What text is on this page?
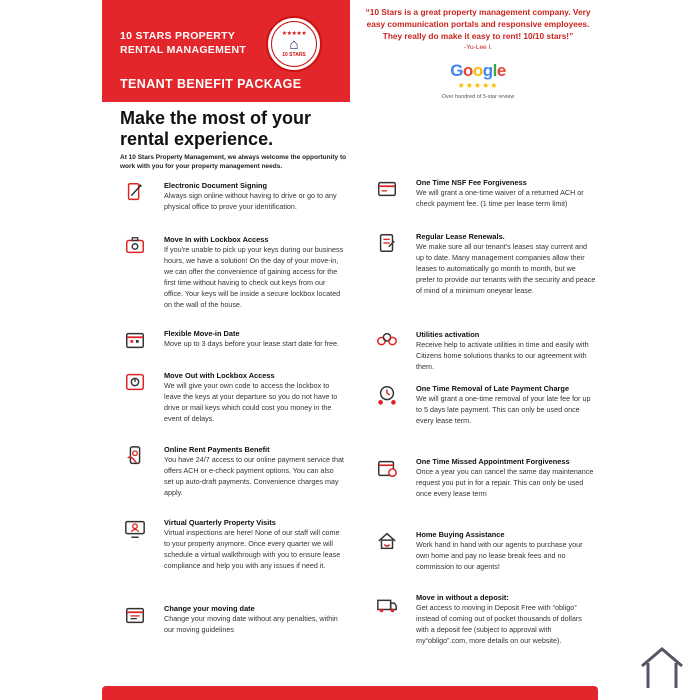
10 STARS PROPERTY
RENTAL MANAGEMENT
★★★★★
⌂
10 STARS
TENANT BENEFIT PACKAGE
“10 Stars is a great property management company. Very easy communication portals and responsive employees. They really do make it easy to rent! 10/10 stars!”
-Yu-Lee I.
Google
★★★★★
Over hundred of 5-star review
Make the most of your rental experience.
At 10 Stars Property Management, we always welcome the opportunity to work with you for your property management needs.
Electronic Document Signing
Always sign online without having to drive or go to any physical office to prove your identification.
Move In with Lockbox Access
If you're unable to pick up your keys during our business hours, we have a solution! On the day of your move-in, we can offer the convenience of gaining access for the first time without having to check out keys from our office. Your keys will be inside a secure lockbox located on the wall of the house.
Flexible Move-in Date
Move up to 3 days before your lease start date for free.
Move Out with Lockbox Access
We will give your own code to access the lockbox to leave the keys at your departure so you do not have to drive or mail keys which could cost you money in the event of delays.
Online Rent Payments Benefit
You have 24/7 access to our online payment service that offers ACH or e-check payment options. You can also set up auto-draft payments. Convenience charges may apply.
Virtual Quarterly Property Visits
Virtual inspections are here! None of our staff will come to your property anymore. Once every quarter we will schedule a virtual walkthrough with you to ensure lease compliance and help you with any issues if need it.
Change your moving date
Change your moving date without any penalties, within our moving guidelines
One Time NSF Fee Forgiveness
We will grant a one-time waiver of a returned ACH or check payment fee. (1 time per lease term limit)
Regular Lease Renewals.
We make sure all our tenant's leases stay current and up to date. Many management companies allow their leases to automatically go month to month, but we prefer to provide our tenants with the security and peace of mind of a minimum oneyear lease.
Utilities activation
Receive help to activate utilities in time and easily with Citizens home solutions thanks to our agreement with them.
One Time Removal of Late Payment Charge
We will grant a one-time removal of your late fee for up to 5 days late payment. This can only be used once every lease term.
One Time Missed Appointment Forgiveness
Once a year you can cancel the same day maintenance request you put in for a repair. This can only be used once every lease term
Home Buying Assistance
Work hand in hand with our agents to purchase your own home and pay no lease break fees and no commission to our agents!
Move in without a deposit:
Get access to moving in Deposit Free with “obligo” instead of coming out of pocket thousands of dollars with a deposit fee (subject to approval with my“obligo”.com, more details on our website).
